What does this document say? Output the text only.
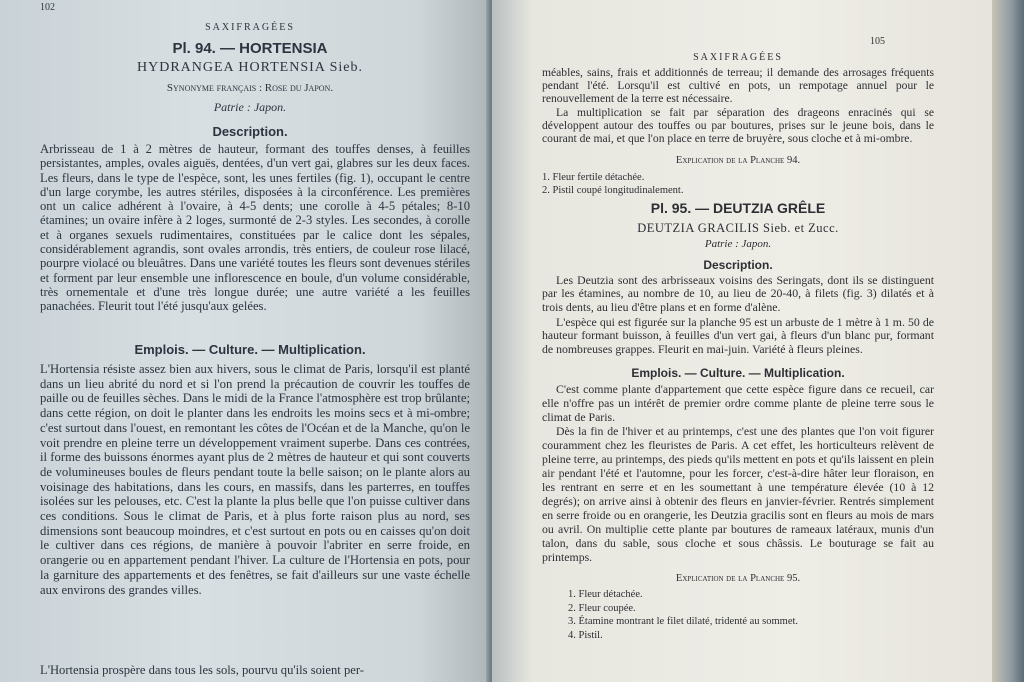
102
SAXIFRAGÉES
Pl. 94. — HORTENSIA
HYDRANGEA HORTENSIA Sieb.
Synonyme français : Rose du Japon.
Patrie : Japon.
Description.
Arbrisseau de 1 à 2 mètres de hauteur, formant des touffes denses, à feuilles persistantes, amples, ovales aiguës, dentées, d'un vert gai, glabres sur les deux faces. Les fleurs, dans le type de l'espèce, sont, les unes fertiles (fig. 1), occupant le centre d'un large corymbe, les autres stériles, disposées à la circonférence. Les premières ont un calice adhérent à l'ovaire, à 4-5 dents; une corolle à 4-5 pétales; 8-10 étamines; un ovaire infère à 2 loges, surmonté de 2-3 styles. Les secondes, à corolle et à organes sexuels rudimentaires, constituées par le calice dont les sépales, considérablement agrandis, sont ovales arrondis, très entiers, de couleur rose lilacé, pourpre violacé ou bleuâtres. Dans une variété toutes les fleurs sont devenues stériles et forment par leur ensemble une inflorescence en boule, d'un volume considérable, très ornementale et d'une très longue durée; une autre variété a les feuilles panachées. Fleurit tout l'été jusqu'aux gelées.
Emplois. — Culture. — Multiplication.
L'Hortensia résiste assez bien aux hivers, sous le climat de Paris, lorsqu'il est planté dans un lieu abrité du nord et si l'on prend la précaution de couvrir les touffes de paille ou de feuilles sèches. Dans le midi de la France l'atmosphère est trop brûlante; dans cette région, on doit le planter dans les endroits les moins secs et à mi-ombre; c'est surtout dans l'ouest, en remontant les côtes de l'Océan et de la Manche, qu'on le voit prendre en pleine terre un développement vraiment superbe. Dans ces contrées, il forme des buissons énormes ayant plus de 2 mètres de hauteur et qui sont couverts de volumineuses boules de fleurs pendant toute la belle saison; on le plante alors au voisinage des habitations, dans les cours, en massifs, dans les parterres, en touffes isolées sur les pelouses, etc. C'est la plante la plus belle que l'on puisse cultiver dans ces conditions. Sous le climat de Paris, et à plus forte raison plus au nord, ses dimensions sont beaucoup moindres, et c'est surtout en pots ou en caisses qu'on doit le cultiver dans ces régions, de manière à pouvoir l'abriter en serre froide, en orangerie ou en appartement pendant l'hiver. La culture de l'Hortensia en pots, pour la garniture des appartements et des fenêtres, se fait d'ailleurs sur une vaste échelle aux environs des grandes villes.
L'Hortensia prospère dans tous les sols, pourvu qu'ils soient per-
105
SAXIFRAGÉES
méables, sains, frais et additionnés de terreau; il demande des arrosages fréquents pendant l'été. Lorsqu'il est cultivé en pots, un rempotage annuel pour le renouvellement de la terre est nécessaire.
La multiplication se fait par séparation des drageons enracinés qui se développent autour des touffes ou par boutures, prises sur le jeune bois, dans le courant de mai, et que l'on place en terre de bruyère, sous cloche et à mi-ombre.
Explication de la Planche 94.
1. Fleur fertile détachée.
2. Pistil coupé longitudinalement.
Pl. 95. — DEUTZIA GRÊLE
DEUTZIA GRACILIS Sieb. et Zucc.
Patrie : Japon.
Description.
Les Deutzia sont des arbrisseaux voisins des Seringats, dont ils se distinguent par les étamines, au nombre de 10, au lieu de 20-40, à filets (fig. 3) dilatés et à trois dents, au lieu d'être plans et en forme d'alène.
L'espèce qui est figurée sur la planche 95 est un arbuste de 1 mètre à 1 m. 50 de hauteur formant buisson, à feuilles d'un vert gai, à fleurs d'un blanc pur, formant de nombreuses grappes. Fleurit en mai-juin. Variété à fleurs pleines.
Emplois. — Culture. — Multiplication.
C'est comme plante d'appartement que cette espèce figure dans ce recueil, car elle n'offre pas un intérêt de premier ordre comme plante de pleine terre sous le climat de Paris.
Dès la fin de l'hiver et au printemps, c'est une des plantes que l'on voit figurer couramment chez les fleuristes de Paris. A cet effet, les horticulteurs relèvent de pleine terre, au printemps, des pieds qu'ils mettent en pots et qu'ils laissent en plein air pendant l'été et l'automne, pour les forcer, c'est-à-dire hâter leur floraison, en les rentrant en serre et en les soumettant à une température élevée (10 à 12 degrés); on arrive ainsi à obtenir des fleurs en janvier-février. Rentrés simplement en serre froide ou en orangerie, les Deutzia gracilis sont en fleurs au mois de mars ou avril. On multiplie cette plante par boutures de rameaux latéraux, munis d'un talon, dans du sable, sous cloche et sous châssis. Le bouturage se fait au printemps.
Explication de la Planche 95.
1. Fleur détachée.
2. Fleur coupée.
3. Étamine montrant le filet dilaté, tridenté au sommet.
4. Pistil.
